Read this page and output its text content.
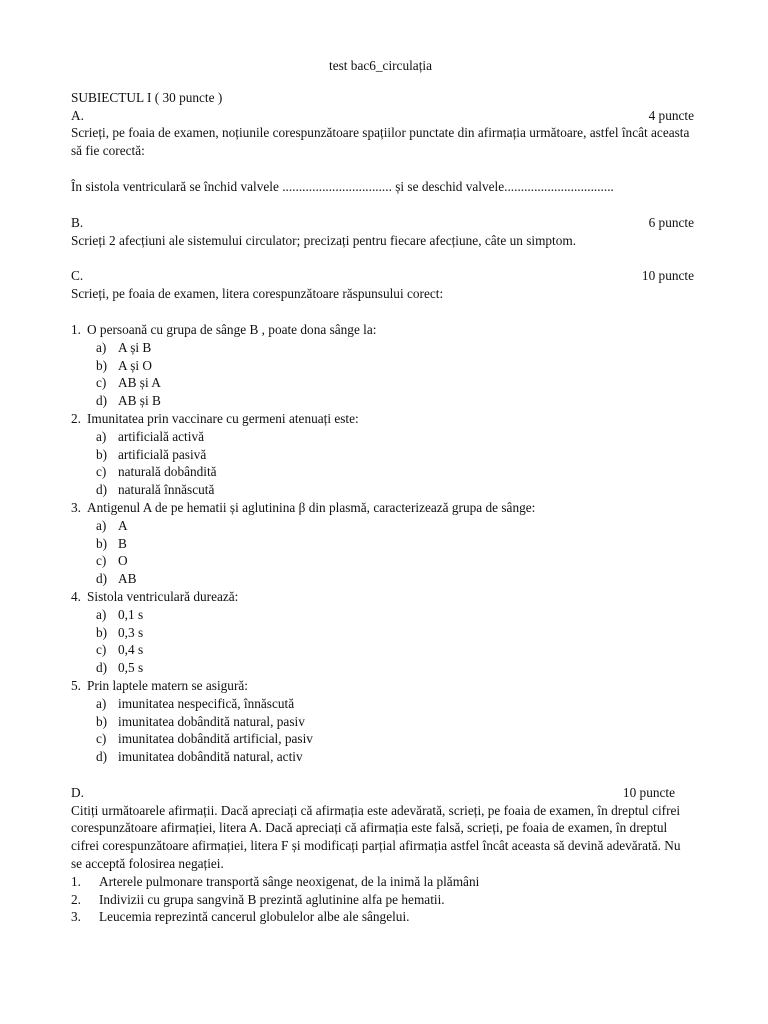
test bac6_circulația
SUBIECTUL I ( 30 puncte )
A.	4 puncte

Scrieți, pe foaia de examen, noțiunile corespunzătoare spațiilor punctate din afirmația următoare, astfel încât aceasta să fie corectă:

În sistola ventriculară se închid valvele ................................. și se deschid valvele.................................
B.	6 puncte

Scrieți 2 afecțiuni ale sistemului circulator; precizați pentru fiecare afecțiune, câte un simptom.

C.	10 puncte

Scrieți, pe foaia de examen, litera corespunzătoare răspunsului corect:

1. O persoană cu grupa de sânge B , poate dona sânge la:
a) A și B
b) A și O
c) AB și A
d) AB și B
2. Imunitatea prin vaccinare cu germeni atenuați este:
a) artificială activă
b) artificială pasivă
c) naturală dobândită
d) naturală înnăscută
3. Antigenul A de pe hematii și aglutinina β din plasmă, caracterizează grupa de sânge:
a) A
b) B
c) O
d) AB
4. Sistola ventriculară durează:
a) 0,1 s
b) 0,3 s
c) 0,4 s
d) 0,5 s
5. Prin laptele matern se asigură:
a) imunitatea nespecifică, înnăscută
b) imunitatea dobândită natural, pasiv
c) imunitatea dobândită artificial, pasiv
d) imunitatea dobândită natural, activ
D.	10 puncte

Citiți următoarele afirmații. Dacă apreciați că afirmația este adevărată, scrieți, pe foaia de examen, în dreptul cifrei corespunzătoare afirmației, litera A. Dacă apreciați că afirmația este falsă, scrieți, pe foaia de examen, în dreptul cifrei corespunzătoare afirmației, litera F și modificați parțial afirmația astfel încât aceasta să devină adevărată. Nu se acceptă folosirea negației.

1. Arterele pulmonare transportă sânge neoxigenat, de la inimă la plămâni
2. Indivizii cu grupa sangvină B prezintă aglutinine alfa pe hematii.
3. Leucemia reprezintă cancerul globulelor albe ale sângelui.
